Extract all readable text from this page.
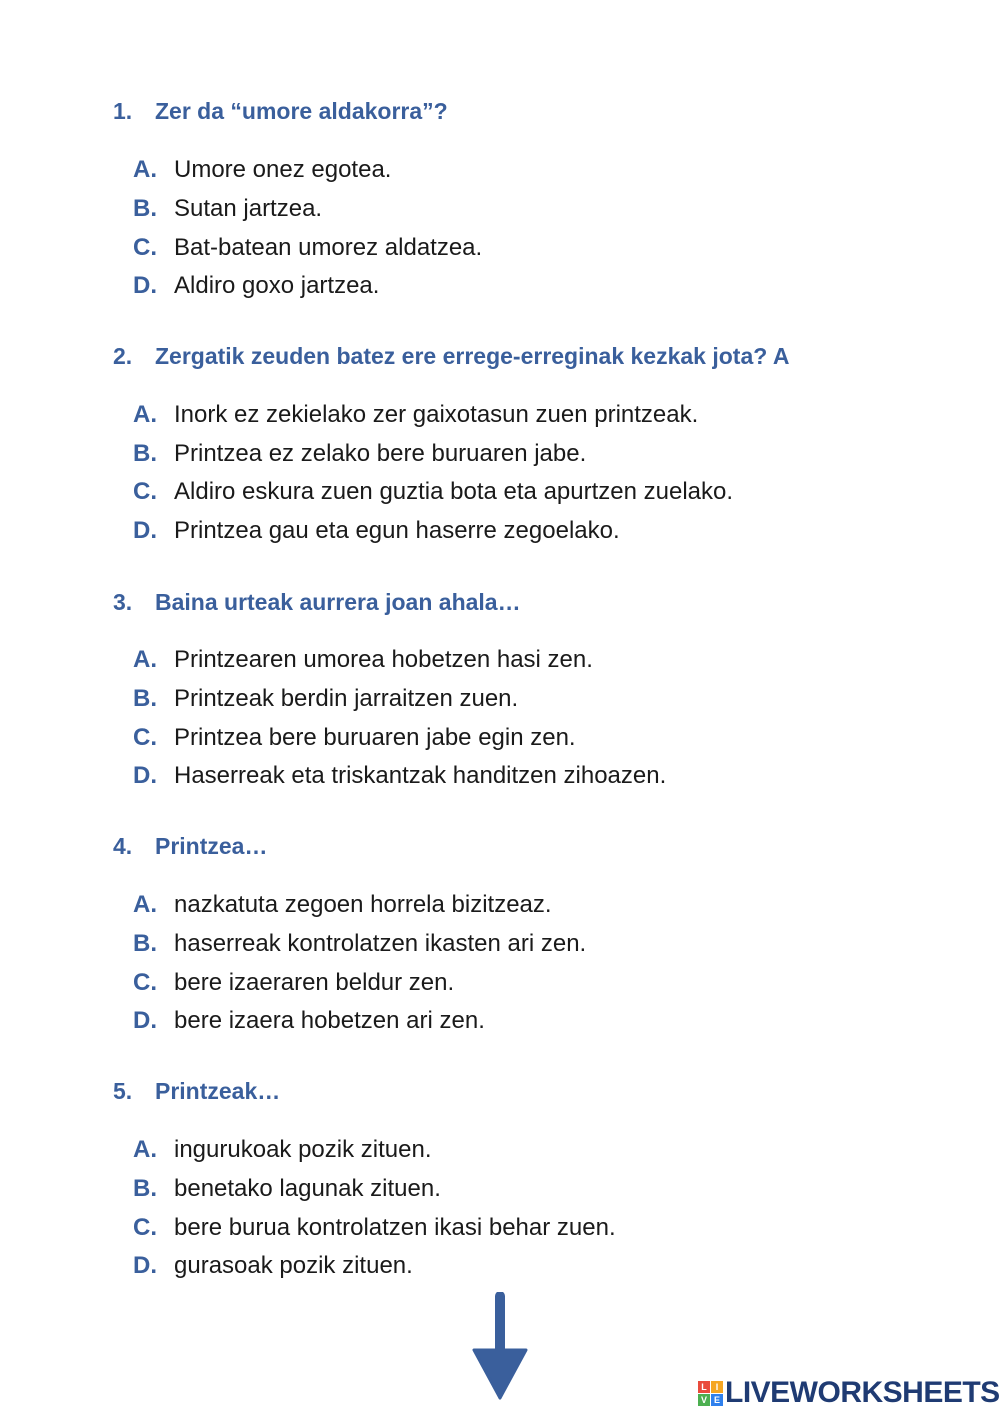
1. Zer da “umore aldakorra”?
A. Umore onez egotea.
B. Sutan jartzea.
C. Bat-batean umorez aldatzea.
D. Aldiro goxo jartzea.
2. Zergatik zeuden batez ere errege-erreginak kezkak jota? A
A. Inork ez zekielako zer gaixotasun zuen printzeak.
B. Printzea ez zelako bere buruaren jabe.
C. Aldiro eskura zuen guztia bota eta apurtzen zuelako.
D. Printzea gau eta egun haserre zegoelako.
3. Baina urteak aurrera joan ahala…
A. Printzearen umorea hobetzen hasi zen.
B. Printzeak berdin jarraitzen zuen.
C. Printzea bere buruaren jabe egin zen.
D. Haserreak eta triskantzak handitzen zihoazen.
4. Printzea…
A. nazkatuta zegoen horrela bizitzeaz.
B. haserreak kontrolatzen ikasten ari zen.
C. bere izaeraren beldur zen.
D. bere izaera hobetzen ari zen.
5. Printzeak…
A. ingurukoak pozik zituen.
B. benetako lagunak zituen.
C. bere burua kontrolatzen ikasi behar zuen.
D. gurasoak pozik zituen.
L I
V E LIVEWORKSHEETS
